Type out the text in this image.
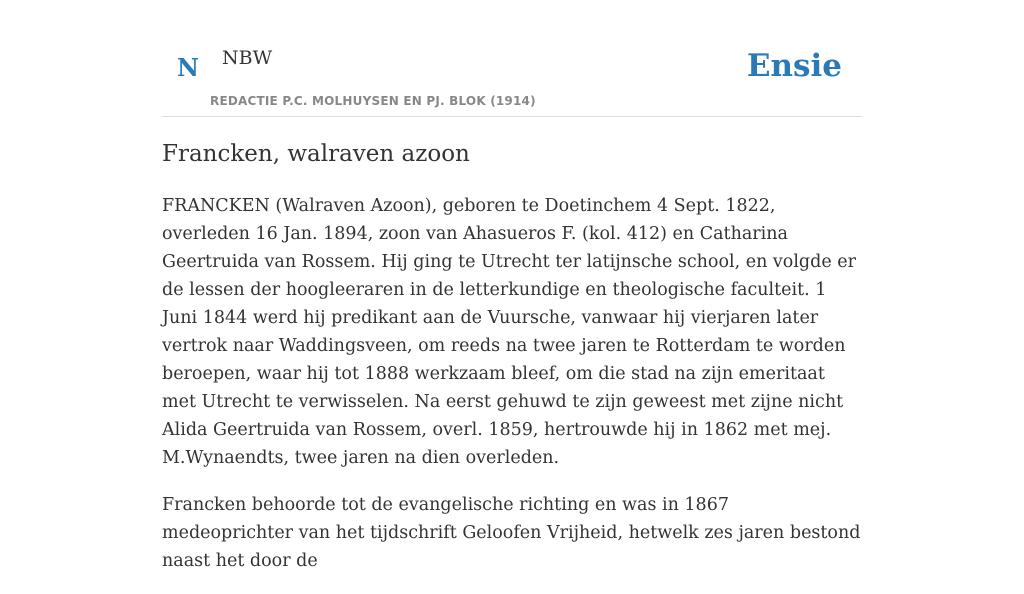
N NBW
REDACTIE P.C. MOLHUYSEN EN PJ. BLOK (1914)
Ensie
Francken, walraven azoon

FRANCKEN (Walraven Azoon), geboren te Doetinchem 4 Sept. 1822, overleden 16 Jan. 1894, zoon van Ahasueros F. (kol. 412) en Catharina Geertruida van Rossem. Hij ging te Utrecht ter latijnsche school, en volgde er de lessen der hoogleeraren in de letterkundige en theologische faculteit. 1 Juni 1844 werd hij predikant aan de Vuursche, vanwaar hij vierjaren later vertrok naar Waddingsveen, om reeds na twee jaren te Rotterdam te worden beroepen, waar hij tot 1888 werkzaam bleef, om die stad na zijn emeritaat met Utrecht te verwisselen. Na eerst gehuwd te zijn geweest met zijne nicht Alida Geertruida van Rossem, overl. 1859, hertrouwde hij in 1862 met mej. M.Wynaendts, twee jaren na dien overleden.

Francken behoorde tot de evangelische richting en was in 1867 medeoprichter van het tijdschrift Geloofen Vrijheid, hetwelk zes jaren bestond naast het door de
